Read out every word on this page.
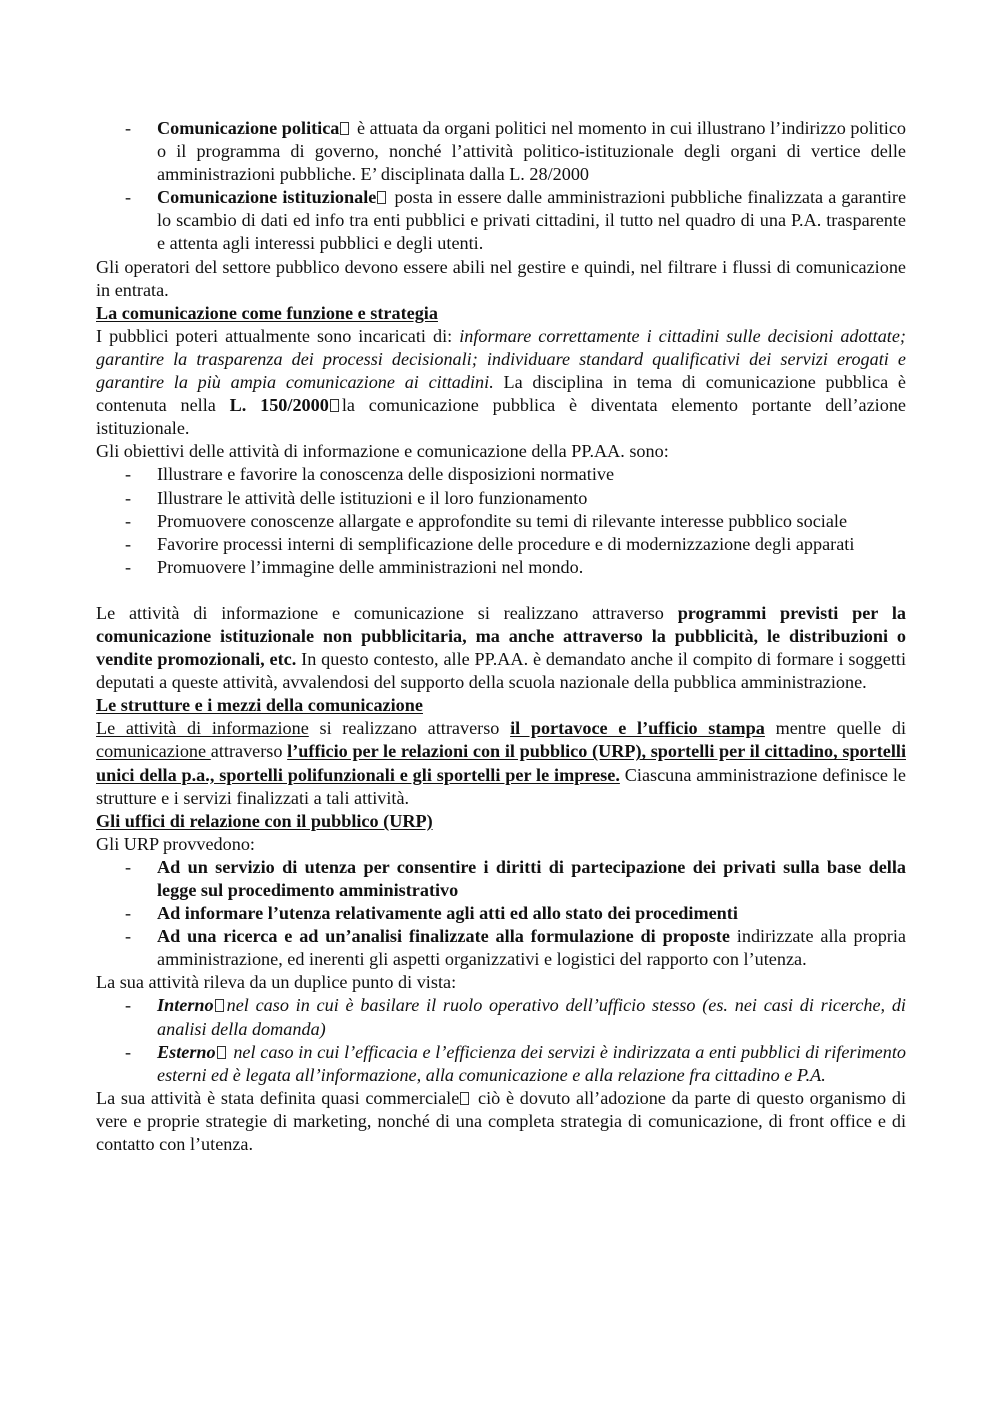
- Comunicazione politica è attuata da organi politici nel momento in cui illustrano l’indirizzo politico o il programma di governo, nonché l’attività politico-istituzionale degli organi di vertice delle amministrazioni pubbliche. E’ disciplinata dalla L. 28/2000
- Comunicazione istituzionale posta in essere dalle amministrazioni pubbliche finalizzata a garantire lo scambio di dati ed info tra enti pubblici e privati cittadini, il tutto nel quadro di una P.A. trasparente e attenta agli interessi pubblici e degli utenti.

Gli operatori del settore pubblico devono essere abili nel gestire e quindi, nel filtrare i flussi di comunicazione in entrata.

La comunicazione come funzione e strategia

I pubblici poteri attualmente sono incaricati di: informare correttamente i cittadini sulle decisioni adottate; garantire la trasparenza dei processi decisionali; individuare standard qualificativi dei servizi erogati e garantire la più ampia comunicazione ai cittadini. La disciplina in tema di comunicazione pubblica è contenuta nella L. 150/2000 la comunicazione pubblica è diventata elemento portante dell’azione istituzionale.

Gli obiettivi delle attività di informazione e comunicazione della PP.AA. sono:

- Illustrare e favorire la conoscenza delle disposizioni normative
- Illustrare le attività delle istituzioni e il loro funzionamento
- Promuovere conoscenze allargate e approfondite su temi di rilevante interesse pubblico sociale
- Favorire processi interni di semplificazione delle procedure e di modernizzazione degli apparati
- Promuovere l’immagine delle amministrazioni nel mondo.

Le attività di informazione e comunicazione si realizzano attraverso programmi previsti per la comunicazione istituzionale non pubblicitaria, ma anche attraverso la pubblicità, le distribuzioni o vendite promozionali, etc. In questo contesto, alle PP.AA. è demandato anche il compito di formare i soggetti deputati a queste attività, avvalendosi del supporto della scuola nazionale della pubblica amministrazione.

Le strutture e i mezzi della comunicazione

Le attività di informazione si realizzano attraverso il portavoce e l’ufficio stampa mentre quelle di comunicazione attraverso l’ufficio per le relazioni con il pubblico (URP), sportelli per il cittadino, sportelli unici della p.a., sportelli polifunzionali e gli sportelli per le imprese. Ciascuna amministrazione definisce le strutture e i servizi finalizzati a tali attività.

Gli uffici di relazione con il pubblico (URP)

Gli URP provvedono:

- Ad un servizio di utenza per consentire i diritti di partecipazione dei privati sulla base della legge sul procedimento amministrativo
- Ad informare l’utenza relativamente agli atti ed allo stato dei procedimenti
- Ad una ricerca e ad un’analisi finalizzate alla formulazione di proposte indirizzate alla propria amministrazione, ed inerenti gli aspetti organizzativi e logistici del rapporto con l’utenza.

La sua attività rileva da un duplice punto di vista:

- Interno nel caso in cui è basilare il ruolo operativo dell’ufficio stesso (es. nei casi di ricerche, di analisi della domanda)
- Esterno nel caso in cui l’efficacia e l’efficienza dei servizi è indirizzata a enti pubblici di riferimento esterni ed è legata all’informazione, alla comunicazione e alla relazione fra cittadino e P.A.

La sua attività è stata definita quasi commerciale ciò è dovuto all’adozione da parte di questo organismo di vere e proprie strategie di marketing, nonché di una completa strategia di comunicazione, di front office e di contatto con l’utenza.
